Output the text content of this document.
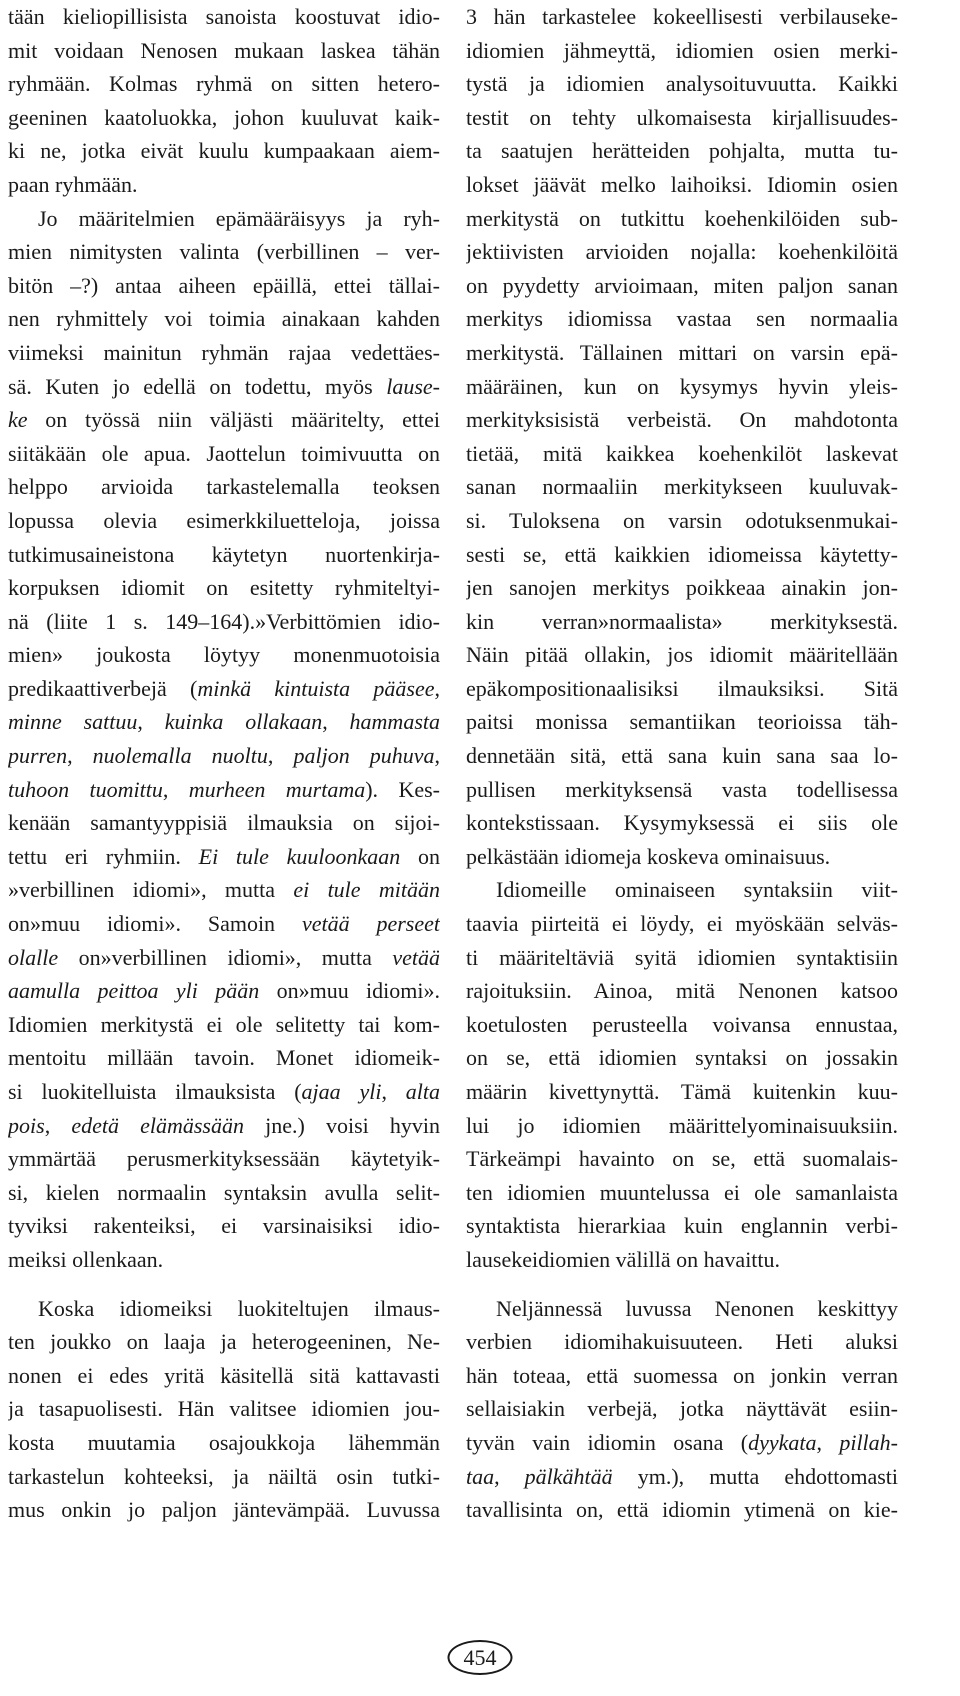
tään kieliopillisista sanoista koostuvat idio-
mit voidaan Nenosen mukaan laskea tähän
ryhmään. Kolmas ryhmä on sitten hetero-
geeninen kaatoluokka, johon kuuluvat kaik-
ki ne, jotka eivät kuulu kumpaakaan aiem-
paan ryhmään.
Jo määritelmien epämääräisyys ja ryh-
mien nimitysten valinta (verbillinen – ver-
bitön –?) antaa aiheen epäillä, ettei tällai-
nen ryhmittely voi toimia ainakaan kahden
viimeksi mainitun ryhmän rajaa vedettäes-
sä. Kuten jo edellä on todettu, myös lause-
ke on työssä niin väljästi määritelty, ettei
siitäkään ole apua. Jaottelun toimivuutta on
helppo arvioida tarkastelemalla teoksen
lopussa olevia esimerkkiluetteloja, joissa
tutkimusaineistona käytetyn nuortenkirja-
korpuksen idiomit on esitetty ryhmiteltyi-
nä (liite 1 s. 149–164).»Verbittömien idio-
mien» joukosta löytyy monenmuotoisia
predikaattiverbejä (minkä kintuista pääsee,
minne sattuu, kuinka ollakaan, hammasta
purren, nuolemalla nuoltu, paljon puhuva,
tuhoon tuomittu, murheen murtama). Kes-
kenään samantyyppisiä ilmauksia on sijoi-
tettu eri ryhmiin. Ei tule kuuloonkaan on
»verbillinen idiomi», mutta ei tule mitään
on»muu idiomi». Samoin vetää perseet
olalle on»verbillinen idiomi», mutta vetää
aamulla peittoa yli pään on»muu idiomi».
Idiomien merkitystä ei ole selitetty tai kom-
mentoitu millään tavoin. Monet idiomeik-
si luokitelluista ilmauksista (ajaa yli, alta
pois, edetä elämässään jne.) voisi hyvin
ymmärtää perusmerkityksessään käytetyik-
si, kielen normaalin syntaksin avulla selit-
tyviksi rakenteiksi, ei varsinaisiksi idio-
meiksi ollenkaan.
Koska idiomeiksi luokiteltujen ilmaus-
ten joukko on laaja ja heterogeeninen, Ne-
nonen ei edes yritä käsitellä sitä kattavasti
ja tasapuolisesti. Hän valitsee idiomien jou-
kosta muutamia osajoukkoja lähemmän
tarkastelun kohteeksi, ja näiltä osin tutki-
mus onkin jo paljon jäntevämpää. Luvussa
3 hän tarkastelee kokeellisesti verbilauseke-
idiomien jähmeyttä, idiomien osien merki-
tystä ja idiomien analysoituvuutta. Kaikki
testit on tehty ulkomaisesta kirjallisuudes-
ta saatujen herätteiden pohjalta, mutta tu-
lokset jäävät melko laihoiksi. Idiomin osien
merkitystä on tutkittu koehenkilöiden sub-
jektiivisten arvioiden nojalla: koehenkilöitä
on pyydetty arvioimaan, miten paljon sanan
merkitys idiomissa vastaa sen normaalia
merkitystä. Tällainen mittari on varsin epä-
määräinen, kun on kysymys hyvin yleis-
merkityksisistä verbeistä. On mahdotonta
tietää, mitä kaikkea koehenkilöt laskevat
sanan normaaliin merkitykseen kuuluvak-
si. Tuloksena on varsin odotuksenmukai-
sesti se, että kaikkien idiomeissa käytetty-
jen sanojen merkitys poikkeaa ainakin jon-
kin verran»normaalista» merkityksestä.
Näin pitää ollakin, jos idiomit määritellään
epäkompositionaalisiksi ilmauksiksi. Sitä
paitsi monissa semantiikan teorioissa täh-
dennetään sitä, että sana kuin sana saa lo-
pullisen merkityksensä vasta todellisessa
kontekstissaan. Kysymyksessä ei siis ole
pelkästään idiomeja koskeva ominaisuus.
Idiomeille ominaiseen syntaksiin viit-
taavia piirteitä ei löydy, ei myöskään selväs-
ti määriteltäviä syitä idiomien syntaktisiin
rajoituksiin. Ainoa, mitä Nenonen katsoo
koetulosten perusteella voivansa ennustaa,
on se, että idiomien syntaksi on jossakin
määrin kivettynyttä. Tämä kuitenkin kuu-
lui jo idiomien määrittelyominaisuuksiin.
Tärkeämpi havainto on se, että suomalais-
ten idiomien muuntelussa ei ole samanlaista
syntaktista hierarkiaa kuin englannin verbi-
lausekeidiomien välillä on havaittu.
Neljännessä luvussa Nenonen keskittyy
verbien idiomihakuisuuteen. Heti aluksi
hän toteaa, että suomessa on jonkin verran
sellaisiakin verbejä, jotka näyttävät esiin-
tyvän vain idiomin osana (dyykata, pillah-
taa, pälkähtää ym.), mutta ehdottomasti
tavallisinta on, että idiomin ytimenä on kie-
454
